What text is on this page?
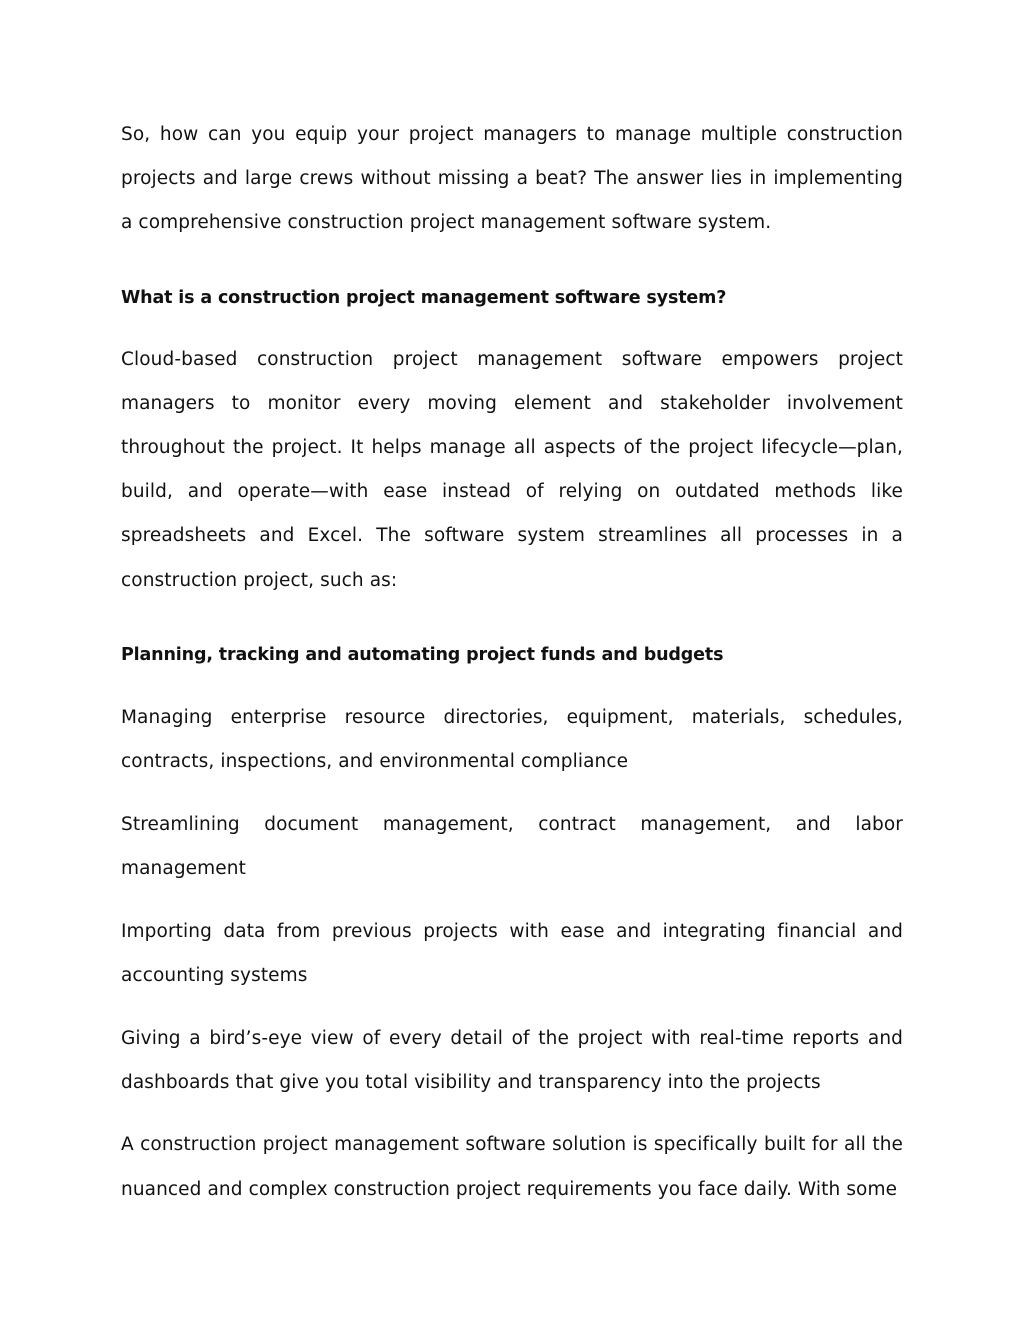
So, how can you equip your project managers to manage multiple construction projects and large crews without missing a beat? The answer lies in implementing a comprehensive construction project management software system.

What is a construction project management software system?

Cloud-based construction project management software empowers project managers to monitor every moving element and stakeholder involvement throughout the project. It helps manage all aspects of the project lifecycle—plan, build, and operate—with ease instead of relying on outdated methods like spreadsheets and Excel. The software system streamlines all processes in a construction project, such as:

Planning, tracking and automating project funds and budgets

Managing enterprise resource directories, equipment, materials, schedules, contracts, inspections, and environmental compliance

Streamlining document management, contract management, and labor management

Importing data from previous projects with ease and integrating financial and accounting systems

Giving a bird’s-eye view of every detail of the project with real-time reports and dashboards that give you total visibility and transparency into the projects

A construction project management software solution is specifically built for all the nuanced and complex construction project requirements you face daily. With some
